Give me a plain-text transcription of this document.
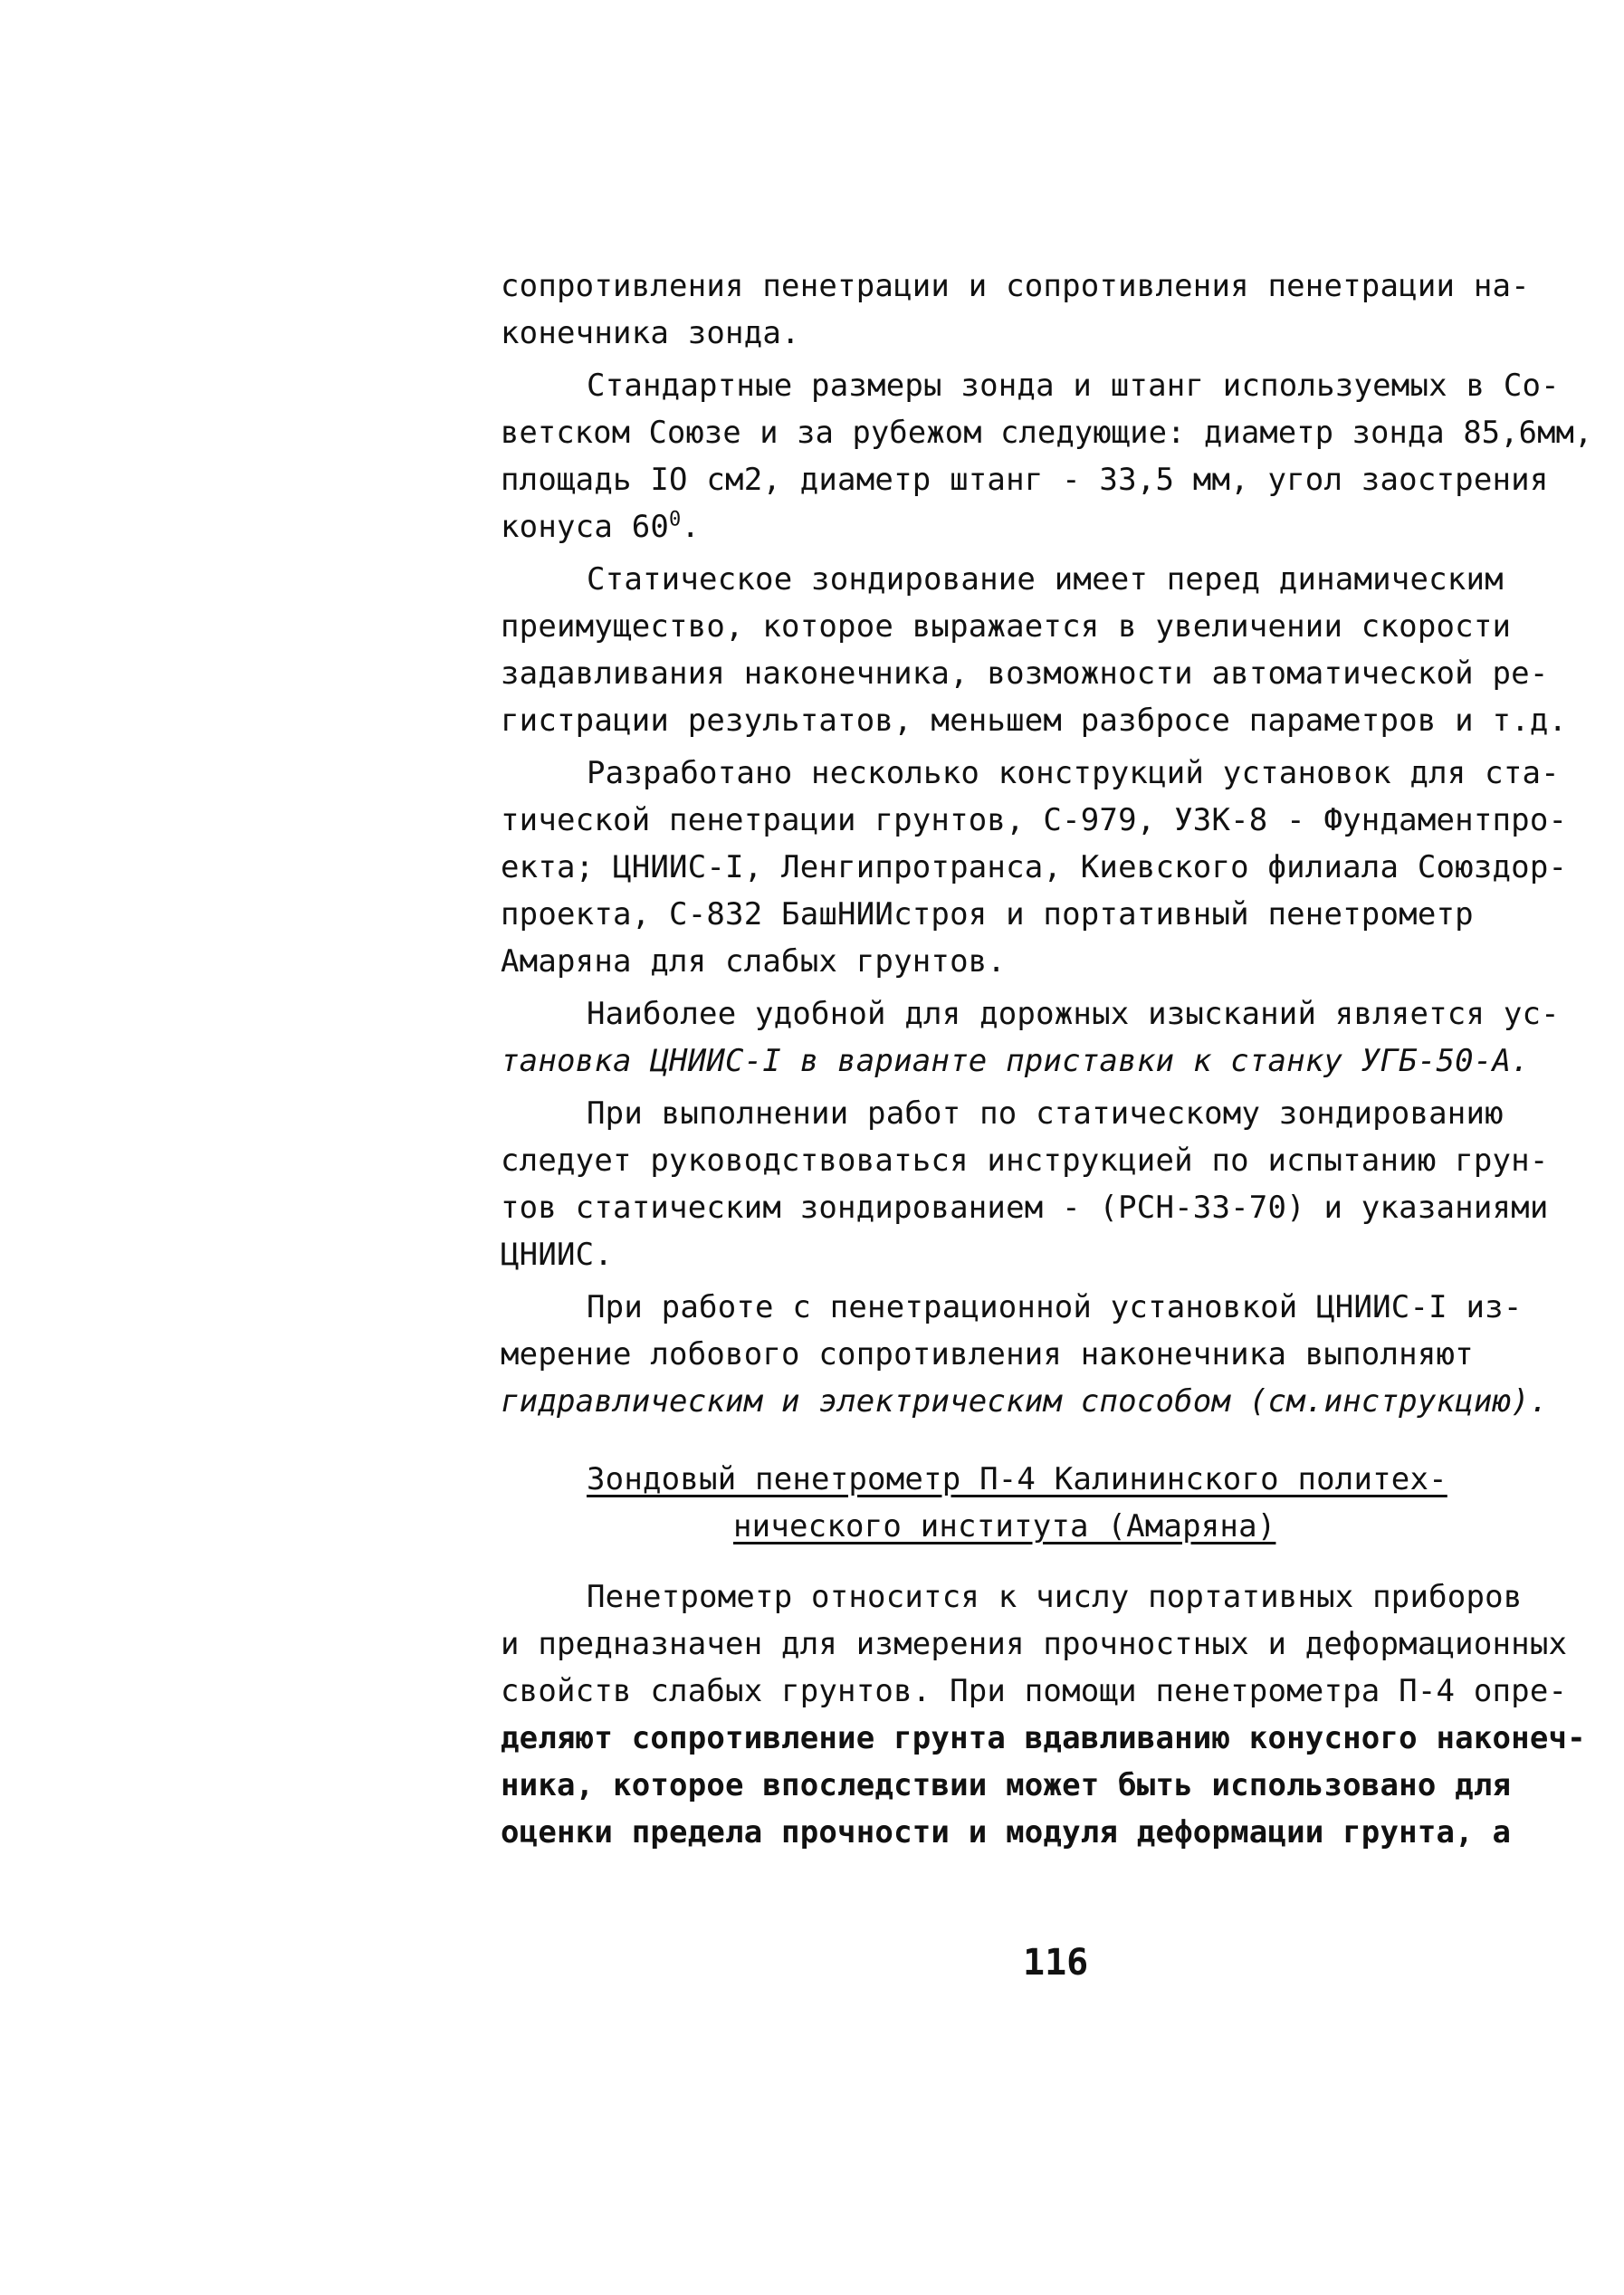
сопротивления пенетрации и сопротивления пенетрации на-
конечника зонда.
Стандартные размеры зонда и штанг используемых в Со-
ветском Союзе и за рубежом следующие: диаметр зонда 85,6мм,
площадь IO см2, диаметр штанг - 33,5 мм, угол заострения
конуса $60^0$.
Статическое зондирование имеет перед динамическим
преимущество, которое выражается в увеличении скорости
задавливания наконечника, возможности автоматической ре-
гистрации результатов, меньшем разбросе параметров и т.д.
Разработано несколько конструкций установок для ста-
тической пенетрации грунтов, С-979, УЗК-8 - Фундаментпро-
екта; ЦНИИС-I, Ленгипротранса, Киевского филиала Союздор-
проекта, С-832 БашНИИстроя и портативный пенетрометр
Амаряна для слабых грунтов.
Наиболее удобной для дорожных изысканий является ус-
тановка ЦНИИС-I в варианте приставки к станку УГБ-50-А.
При выполнении работ по статическому зондированию
следует руководствоваться инструкцией по испытанию грун-
тов статическим зондированием - (РСН-33-70) и указаниями
ЦНИИС.
При работе с пенетрационной установкой ЦНИИС-I из-
мерение лобового сопротивления наконечника выполняют
гидравлическим и электрическим способом (см.инструкцию).
Зондовый пенетрометр П-4 Калининского политех-
нического института (Амаряна)
Пенетрометр относится к числу портативных приборов
и предназначен для измерения прочностных и деформационных
свойств слабых грунтов. При помощи пенетрометра П-4 опре-
деляют сопротивление грунта вдавливанию конусного наконеч-
ника, которое впоследствии может быть использовано для
оценки предела прочности и модуля деформации грунта, а
116
